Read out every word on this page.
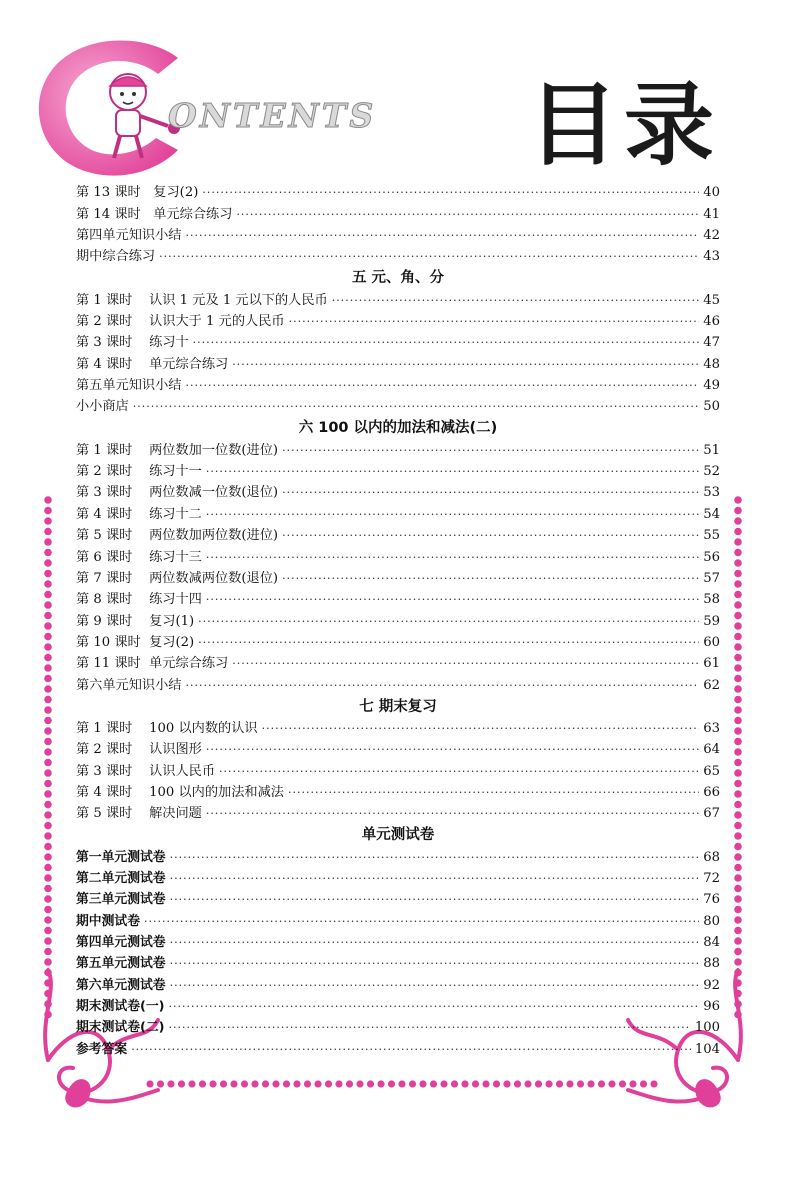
ONTENTS 目录
第 13 课时   复习(2) ·····	40
第 14 课时   单元综合练习 ·····	41
第四单元知识小结 ·····	42
期中综合练习 ·····	43
五 元、角、分
第 1 课时    认识 1 元及 1 元以下的人民币 ·····	45
第 2 课时    认识大于 1 元的人民币 ·····	46
第 3 课时    练习十 ·····	47
第 4 课时    单元综合练习 ·····	48
第五单元知识小结 ·····	49
小小商店 ·····	50
六 100 以内的加法和减法(二)
第 1 课时    两位数加一位数(进位) ·····	51
第 2 课时    练习十一 ·····	52
第 3 课时    两位数减一位数(退位) ·····	53
第 4 课时    练习十二 ·····	54
第 5 课时    两位数加两位数(进位) ·····	55
第 6 课时    练习十三 ·····	56
第 7 课时    两位数减两位数(退位) ·····	57
第 8 课时    练习十四 ·····	58
第 9 课时    复习(1) ·····	59
第 10 课时  复习(2) ·····	60
第 11 课时  单元综合练习 ·····	61
第六单元知识小结 ·····	62
七 期末复习
第 1 课时    100 以内数的认识 ·····	63
第 2 课时    认识图形 ·····	64
第 3 课时    认识人民币 ·····	65
第 4 课时    100 以内的加法和减法 ·····	66
第 5 课时    解决问题 ·····	67
单元测试卷
第一单元测试卷 ·····	68
第二单元测试卷 ·····	72
第三单元测试卷 ·····	76
期中测试卷 ·····	80
第四单元测试卷 ·····	84
第五单元测试卷 ·····	88
第六单元测试卷 ·····	92
期末测试卷(一) ·····	96
期末测试卷(二) ·····	100
参考答案 ·····	104
